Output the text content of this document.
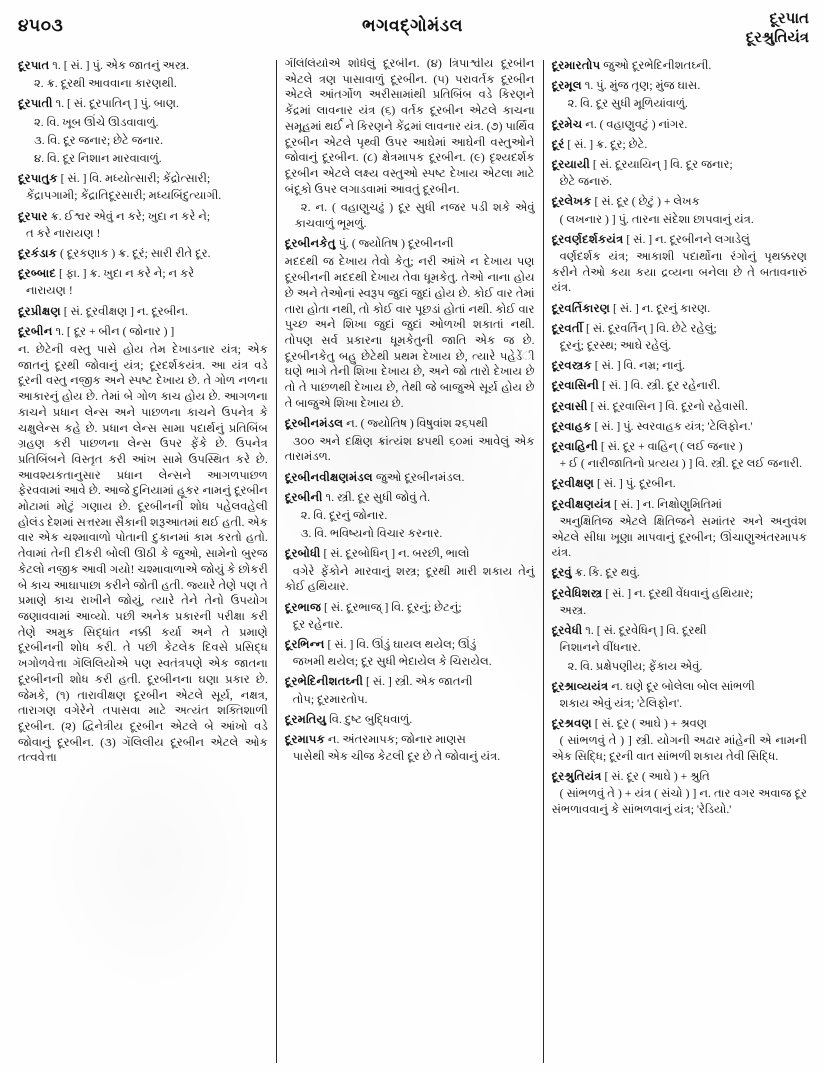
૪૫૦૩	ભગવદ્ગોમંડલ	દૂરપાત
દૂરશ્રુતિયંત્ર

દૂરપાત ૧. [ સં. ] પું. એક જાતનું અસ્ત્ર.

૨. ક્ર. દૂરથી આવવાના કારણથી.

દૂરપાતી ૧. [ સં. દૂરપાતિન્ ] પું. બાણ.

૨. વિ. ખૂબ ઊંચે ઊડવાવાળું.

૩. વિ. દૂર જનાર; છેટે જનાર.

૪. વિ. દૂર નિશાન મારવાવાળું.

દૂરપાતુક [ સં. ] વિ. મધ્યોત્સારી; કેંદ્રોત્સારી;

કેંદ્રાપગામી; કેંદ્રાતિદૂરસારી; મધ્યબિંદુત્યાગી.

દૂરપાર ક્ર. ઈશ્વર એવું ન કરે; ખુદા ન કરે ને;

ત કરે નારાયણ !

દૂરકંડાક ( દૂરકણાક ) ક્ર. દૂરં; સારી રીતે દૂર.

દૂરબ્બાદ [ ફા. ] ક્ર. ખુદા ન કરે ને; ન કરે

નારાયણ !

દૂરપ્રીક્ષણ [ સં. દૂરવીક્ષણ ] ન. દૂરબીન.

દૂરબીન ૧. [ દૂર + બીન ( જોનાર ) ]

ન. છેટેની વસ્તુ પાસે હોય તેમ દેખાડનાર યંત્ર; એક જાતનું દૂરથી જોવાનું યંત્ર; દૂરદર્શકયંત્ર. આ યંત્ર વડે દૂરની વસ્તુ નજીક અને સ્પષ્ટ દેખાય છે. તે ગોળ નળના આકારનું હોય છે. તેમાં બે ગોળ કાચ હોય છે. આગળના કાચને પ્રધાન લેન્સ અને પાછળના કાચને ઉપનેત્ર કે ચક્ષુલેન્સ કહે છે. પ્રધાન લેન્સ સામા પદાર્થનું પ્રતિબિંબ ગ્રહણ કરી પાછળના લેન્સ ઉપર ફેંકે છે. ઉપનેત્ર પ્રતિબિંબને વિસ્તૃત કરી આંખ સામે ઉપસ્થિત કરે છે. આવશ્યકતાનુસાર પ્રધાન લેન્સને આગળપાછળ ફેરવવામાં આવે છે. આજે દુનિયામાં હૂકર નામનું દૂરબીન મોટામાં મોટું ગણાય છે. દૂરબીનની શોધ પહેલવહેલી હોલંડ દેશમાં સત્તરમા સૈકાની શરૂઆતમાં થઈ હતી. એક વાર એક ચશ્માવાળો પોતાની દુકાનમાં કામ કરતો હતો. તેવામાં તેની દીકરી બોલી ઊઠી કે જુઓ, સામેનો બુરજ કેટલો નજીક આવી ગયો! ચશ્માવાળાએ જોયું કે છોકરી બે કાચ આઘાપાછા કરીને જોતી હતી. જ્યારે તેણે પણ તે પ્રમાણે કાચ રાખીને જોયું, ત્યારે તેને તેનો ઉપયોગ જણાવવામાં આવ્યો. પછી અનેક પ્રકારની પરીક્ષા કરી તેણે અમુક સિદ્ધાંત નક્કી કર્યા અને તે પ્રમાણે દૂરબીનની શોધ કરી. તે પછી કેટલેક દિવસે પ્રસિદ્ધ ખગોળવેત્તા ગૅલિલિયોએ પણ સ્વતંત્રપણે એક જાતના દૂરબીનની શોધ કરી હતી. દૂરબીનના ઘણા પ્રકાર છે. જેમકે, (૧) તારાવીક્ષણ દૂરબીન એટલે સૂર્ય, નક્ષત્ર, તારાગણ વગેરેને તપાસવા માટે અત્યંત શક્તિશાળી દૂરબીન. (૨) દ્વિનેત્રીય દૂરબીન એટલે બે આંખો વડે જોવાનું દૂરબીન. (૩) ગૅલિલીય દૂરબીન એટલે ઓક તત્વવેત્તા

ગૅલિલિયોએ શોધેલું દૂરબીન. (૪) ત્રિપાર્શ્વીય દૂરબીન એટલે ત્રણ પાસાવાળું દૂરબીન. (૫) પરાવર્તક દૂરબીન એટલે આંતર્ગોળ અરીસામાંથી પ્રતિબિંબ વડે કિરણને કેંદ્રમાં લાવનાર યંત્ર (૬) વર્તક દૂરબીન એટલે કાચના સમૂહમાં થર્ઈ ને કિરણને કેંદ્રમાં લાવનાર યંત્ર. (૭) પાર્થિવ દૂરબીન એટલે પૃથ્વી ઉપર આઘેમાં આઘેની વસ્તુઓને જોવાનું દૂરબીન. (૮) ક્ષેત્રમાપક દૂરબીન. (૯) દૃશ્યદર્શક દૂરબીન એટલે લક્ષ્ય વસ્તુઓ સ્પષ્ટ દેખાય એટલા માટે બંદૂકો ઉપર લગાડવામાં આવતું દૂરબીન.

૨. ન. ( વહાણુચઢું ) દૂર સુધી નજર પડી શકે એવું કાચવાળું ભૂમળું.

દૂરબીનકેતુ પું. ( જ્યોતિષ ) દૂરબીનની

મદદથી જ દેખાય તેવો કેતુ; નરી આંખે ન દેખાય પણ દૂરબીનની મદદથી દેખાય તેવા ધૂમકેતુ. તેઓ નાના હોય છે અને તેઓનાં સ્વરૂપ જુદાં જુદાં હોય છે. કોઈ વાર તેમાં તારા હોતા નથી, તો કોઈ વાર પૂછડાં હોતાં નથી. કોઈ વાર પુચ્છ અને શિખા જુદાં જુદાં ઓળખી શકાતાં નથી. તોપણ સર્વ પ્રકારના ધૂમકેતુની જાતિ એક જ છે. દૂરબીનકેતુ બહુ છેટેથી પ્રથમ દેખાય છે, ત્યારે પહેડેંી ઘણે ભાગે તેની શિખા દેખાય છે, અને જો તારો દેખાય છે તો તે પાછળથી દેખાય છે, તેથી જે બાજુએ સૂર્ય હોય છે તે બાજુએ શિખા દેખાય છે.

દૂરબીનમંડલ ન. ( જ્યોતિષ ) વિષુવાંશ ૨૬પથી

૩૦૦ અને દક્ષિણ ક્રાંત્યંશ ૪૫થી ૬૦માં આવેલું એક તારામંડળ.

દૂરબીનવીક્ષણમંડલ જુઓ દૂરબીનમંડલ.

દૂરબીની ૧. સ્ત્રી. દૂર સુધી જોવું તે.

૨. વિ. દૂરનું જોનાર.

૩. વિ. ભવિષ્યનો વિચાર કરનાર.

દૂરબોધી [ સં. દૂરબોધિન્ ] ન. બરછી, ભાલો

વગેરે ફેંકોને મારવાનું શસ્ત્ર; દૂરથી મારી શકાય તેનું કોઈ હથિયાર.

દૂરભાજ [ સં. દૂરભાજ્ ] વિ. દૂરનું; છેટનું;

દૂર રહેનાર.

દૂરભિન્ન [ સં. ] વિ. ઊંડું ઘાયલ થયેલ; ઊંડું

જખમી થયેલ; દૂર સુધી ભેદાયેલ કે ચિરાયેલ.

દૂરભેદિનીશતઘ્ની [ સં. ] સ્ત્રી. એક જાતની

તોપ; દૂરમારતોપ.

દૂરમતિયુ વિ. દુષ્ટ બુદ્ધિવાળું.

દૂરમાપક ન. અંતરમાપક; જોનાર માણસ

પાસેથી એક ચીજ કેટલી દૂર છે તે જોવાનું યંત્ર.

દૂરમારતોપ જુઓ દૂરભેદિનીશતઘ્ની.

દૂરમૂલ ૧. પું. મુંજ તૃણ; મુંજ ઘાસ.

૨. વિ. દૂર સુધી મૂળિયાંવાળું.

દૂરમેચ ન. ( વહાણુવટું ) નાંગર.

દૂરં [ સં. ] ક્ર. દૂર; છેટે.

દૂરયાયી [ સં. દૂરયાયિન્ ] વિ. દૂર જનાર;

છેટે જનારું.

દૂરલેખક [ સં. દૂર ( છેટું ) + લેખક

( લખનાર ) ] પું. તારના સંદેશા છાપવાનું યંત્ર.

દૂરવર્ણદર્શકયંત્ર [ સં. ] ન. દૂરબીનને લગાડેલું

વર્ણદર્શક યંત્ર; આકાશી પદાર્થોના રંગોનું પૃથક્કરણ કરીને તેઓ કયા કયા દ્રવ્યના બનેલા છે તે બતાવનારું યંત્ર.

દૂરવર્તિકારણ [ સં. ] ન. દૂરનું કારણ.

દૂરવર્તી [ સં. દૂરવર્તિન્ ] વિ. છેટે રહેલું;

દૂરનું; દૂરસ્થ; આઘે રહેલું.

દૂરવસ્ત્રક [ સં. ] વિ. નમ્ર; નાનું.

દૂરવાસિની [ સં. ] વિ. સ્ત્રી. દૂર રહેનારી.

દૂરવાસી [ સં. દૂરવાસિન ] વિ. દૂરનો રહેવાસી.

દૂરવાહક [ સં. ] પું. સ્વરવાહક યંત્ર; 'ટેલિફોન.'

દૂરવાહિની [ સં. દૂર + વાહિન્ ( લઈ જનાર )

+ ઈ ( નારીજાતિનો પ્રત્યય ) ] વિ. સ્ત્રી. દૂર લઈ જનારી.

દૂરવીક્ષણ [ સં. ] પું. દૂરબીન.

દૂરવીક્ષણયંત્ર [ સં. ] ન. નિક્ષોણુમિતિમાં

અનુક્ષિતિજ એટલે ક્ષિતિજને સમાંતર અને અનુવંશ એટલે સીધા ખૂણા માપવાનું દૂરબીન; ઊંચાણુઅંતરમાપક યંત્ર.

દૂરવું ક્ર. કિ. દૂર થવું.

દૂરવેધિશસ્ત્ર [ સં. ] ન. દૂરથી વેંધવાનું હથિયાર;

અસ્ત્ર.

દૂરવેધી ૧. [ સં. દૂરવેધિન્ ] વિ. દૂરથી

નિશાનને વીંધનાર.

૨. વિ. પ્રક્ષેપણીય; ફેંકાય એવું.

દૂરશ્રાવ્યયંત્ર ન. ઘણે દૂર બોલેલા બોલ સાંભળી

શકાય એવું યંત્ર; 'ટેલિફોન'.

દૂરશ્રવણ [ સં. દૂર ( આઘે ) + શ્રવણ

( સાંભળવું તે ) ] સ્ત્રી. યોગની અઢાર માંહેની એ નામની એક સિદ્ધિ; દૂરની વાત સાંભળી શકાય તેવી સિદ્ધિ.

દૂરશ્રુતિયંત્ર [ સં. દૂર ( આઘે ) + શ્રુતિ

( સાંભળવું તે ) + યંત્ર ( સંચો ) ] ન. તાર વગર અવાજ દૂર સંભળાવવાનું કે સાંભળવાનું યંત્ર; 'રેડિયો.'
